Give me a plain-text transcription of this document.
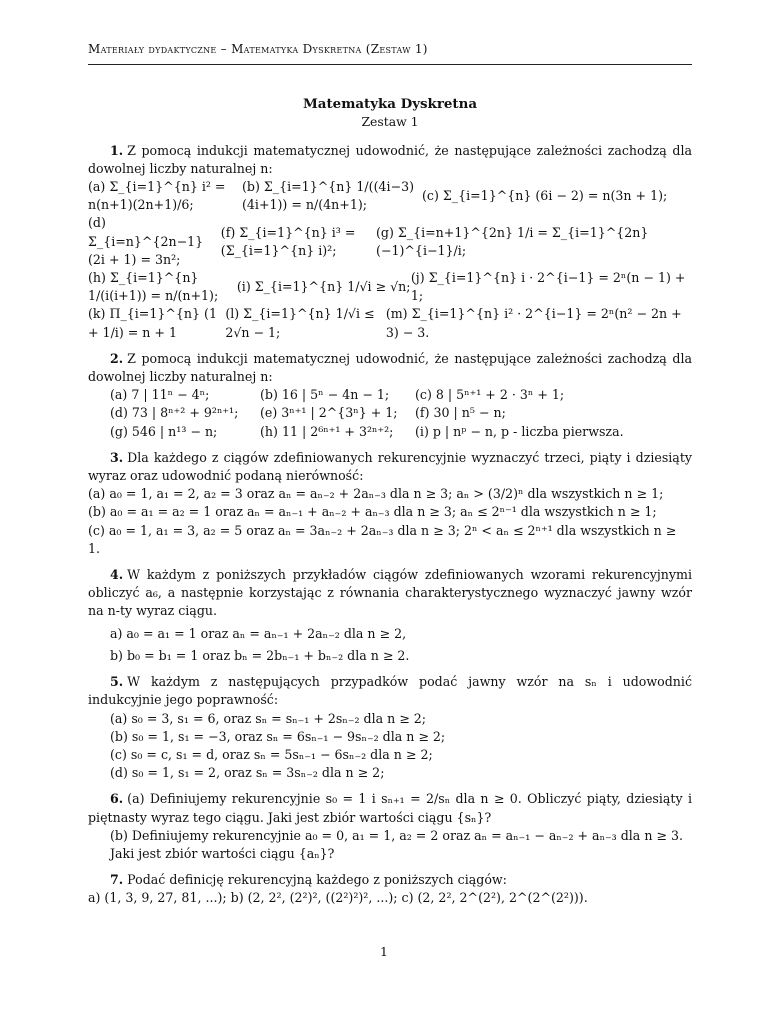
Materiały dydaktyczne – Matematyka Dyskretna (Zestaw 1)
Matematyka Dyskretna
Zestaw 1
1. Z pomocą indukcji matematycznej udowodnić, że następujące zależności zachodzą dla dowolnej liczby naturalnej n:
(a) Σ_{i=1}^{n} i² = n(n+1)(2n+1)/6;
(b) Σ_{i=1}^{n} 1/((4i−3)(4i+1)) = n/(4n+1);
(c) Σ_{i=1}^{n} (6i − 2) = n(3n + 1);
(d) Σ_{i=n}^{2n−1} (2i + 1) = 3n²;
(f) Σ_{i=1}^{n} i³ = (Σ_{i=1}^{n} i)²;
(g) Σ_{i=n+1}^{2n} 1/i = Σ_{i=1}^{2n} (−1)^{i−1}/i;
(h) Σ_{i=1}^{n} 1/(i(i+1)) = n/(n+1);
(i) Σ_{i=1}^{n} 1/√i ≥ √n;
(j) Σ_{i=1}^{n} i · 2^{i−1} = 2ⁿ(n − 1) + 1;
(k) Π_{i=1}^{n} (1 + 1/i) = n + 1
(l) Σ_{i=1}^{n} 1/√i ≤ 2√n − 1;
(m) Σ_{i=1}^{n} i² · 2^{i−1} = 2ⁿ(n² − 2n + 3) − 3.
2. Z pomocą indukcji matematycznej udowodnić, że następujące zależności zachodzą dla dowolnej liczby naturalnej n:
(a) 7 | 11ⁿ − 4ⁿ;	(b) 16 | 5ⁿ − 4n − 1;	(c) 8 | 5ⁿ⁺¹ + 2 · 3ⁿ + 1;
(d) 73 | 8ⁿ⁺² + 9²ⁿ⁺¹;	(e) 3ⁿ⁺¹ | 2^{3ⁿ} + 1;	(f) 30 | n⁵ − n;
(g) 546 | n¹³ − n;	(h) 11 | 2⁶ⁿ⁺¹ + 3²ⁿ⁺²;	(i) p | nᵖ − n, p - liczba pierwsza.
3. Dla każdego z ciągów zdefiniowanych rekurencyjnie wyznaczyć trzeci, piąty i dziesiąty wyraz oraz udowodnić podaną nierówność:
(a) a₀ = 1, a₁ = 2, a₂ = 3 oraz aₙ = aₙ₋₂ + 2aₙ₋₃ dla n ≥ 3; aₙ > (3/2)ⁿ dla wszystkich n ≥ 1;
(b) a₀ = a₁ = a₂ = 1 oraz aₙ = aₙ₋₁ + aₙ₋₂ + aₙ₋₃ dla n ≥ 3; aₙ ≤ 2ⁿ⁻¹ dla wszystkich n ≥ 1;
(c) a₀ = 1, a₁ = 3, a₂ = 5 oraz aₙ = 3aₙ₋₂ + 2aₙ₋₃ dla n ≥ 3; 2ⁿ < aₙ ≤ 2ⁿ⁺¹ dla wszystkich n ≥ 1.
4. W każdym z poniższych przykładów ciągów zdefiniowanych wzorami rekurencyjnymi obliczyć a₆, a następnie korzystając z równania charakterystycznego wyznaczyć jawny wzór na n-ty wyraz ciągu.
a) a₀ = a₁ = 1 oraz aₙ = aₙ₋₁ + 2aₙ₋₂ dla n ≥ 2,
b) b₀ = b₁ = 1 oraz bₙ = 2bₙ₋₁ + bₙ₋₂ dla n ≥ 2.
5. W każdym z następujących przypadków podać jawny wzór na sₙ i udowodnić indukcyjnie jego poprawność:
(a) s₀ = 3, s₁ = 6, oraz sₙ = sₙ₋₁ + 2sₙ₋₂ dla n ≥ 2;
(b) s₀ = 1, s₁ = −3, oraz sₙ = 6sₙ₋₁ − 9sₙ₋₂ dla n ≥ 2;
(c) s₀ = c, s₁ = d, oraz sₙ = 5sₙ₋₁ − 6sₙ₋₂ dla n ≥ 2;
(d) s₀ = 1, s₁ = 2, oraz sₙ = 3sₙ₋₂ dla n ≥ 2;
6. (a) Definiujemy rekurencyjnie s₀ = 1 i sₙ₊₁ = 2/sₙ dla n ≥ 0. Obliczyć piąty, dziesiąty i piętnasty wyraz tego ciągu. Jaki jest zbiór wartości ciągu {sₙ}?
(b) Definiujemy rekurencyjnie a₀ = 0, a₁ = 1, a₂ = 2 oraz aₙ = aₙ₋₁ − aₙ₋₂ + aₙ₋₃ dla n ≥ 3. Jaki jest zbiór wartości ciągu {aₙ}?
7. Podać definicję rekurencyjną każdego z poniższych ciągów:
a) (1, 3, 9, 27, 81, ...); b) (2, 2², (2²)², ((2²)²)², ...); c) (2, 2², 2^(2²), 2^(2^(2²))).
1
